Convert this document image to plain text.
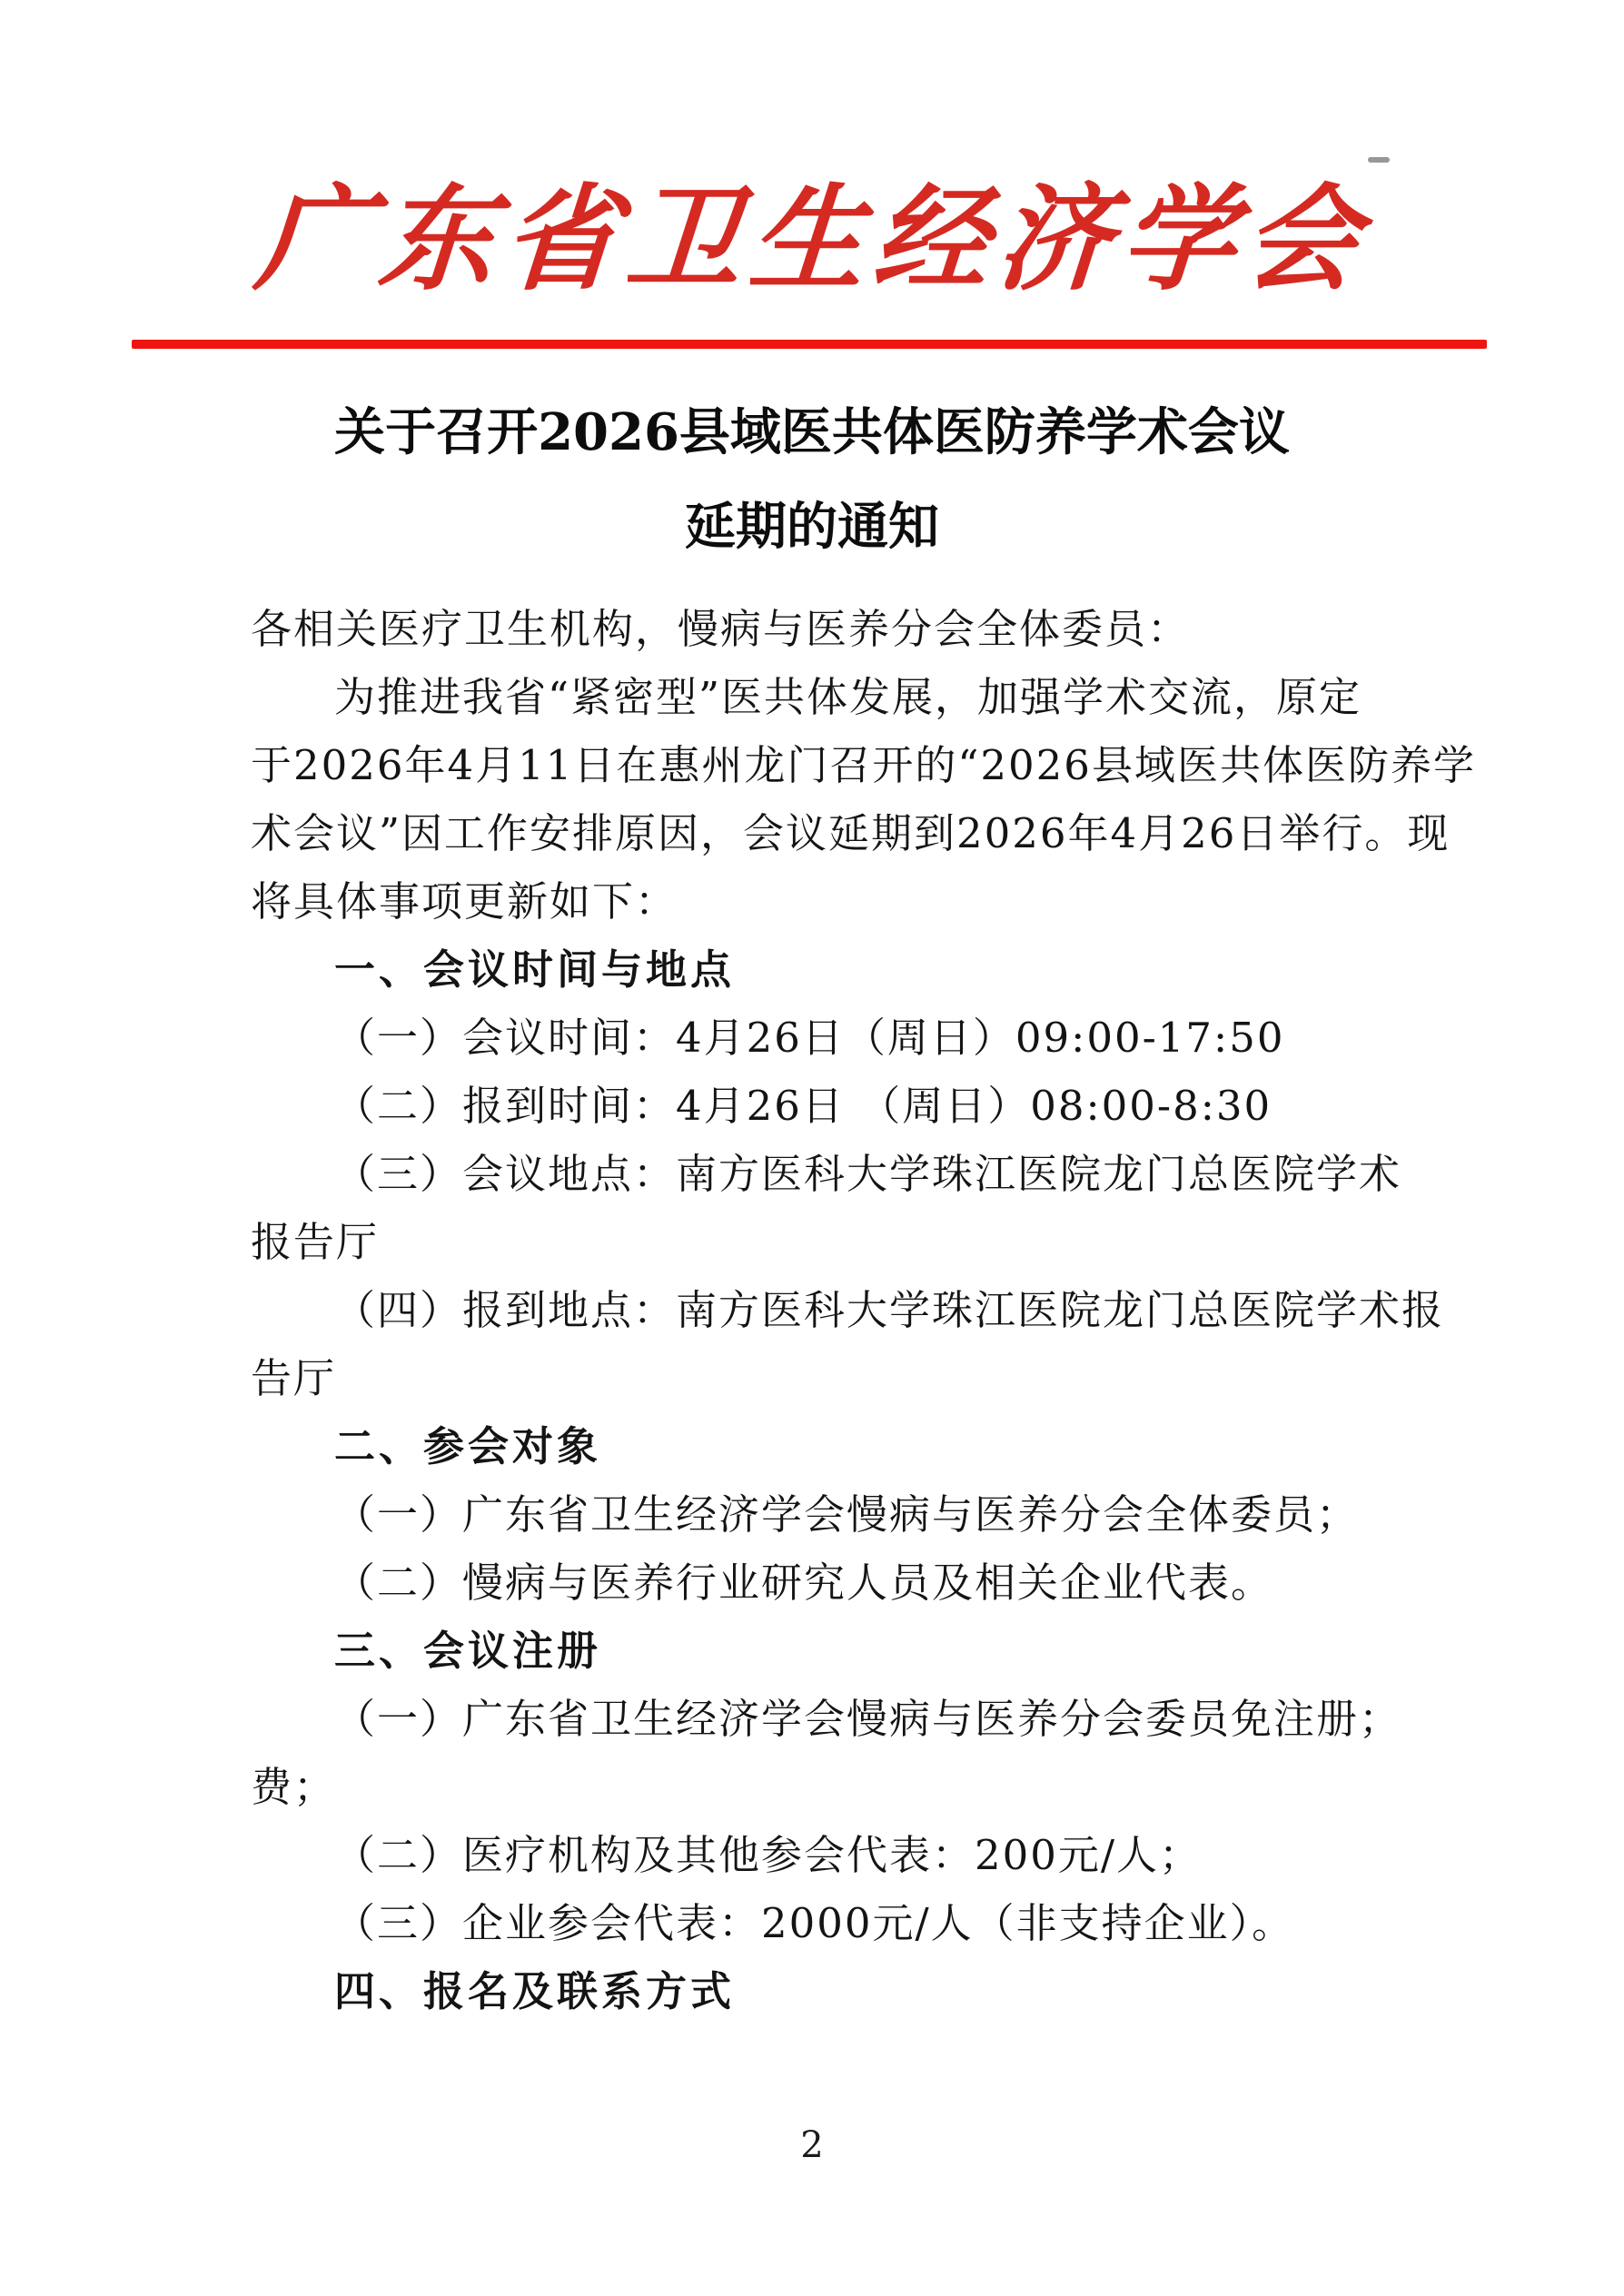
广东省卫生经济学会
关于召开2026县域医共体医防养学术会议
延期的通知
各相关医疗卫生机构，慢病与医养分会全体委员：
为推进我省“紧密型”医共体发展，加强学术交流，原定
于2026年4月11日在惠州龙门召开的“2026县域医共体医防养学
术会议”因工作安排原因，会议延期到2026年4月26日举行。现
将具体事项更新如下：
一、会议时间与地点
（一）会议时间：4月26日（周日）09:00-17:50
（二）报到时间：4月26日 （周日）08:00-8:30
（三）会议地点：南方医科大学珠江医院龙门总医院学术
报告厅
（四）报到地点：南方医科大学珠江医院龙门总医院学术报
告厅
二、参会对象
（一）广东省卫生经济学会慢病与医养分会全体委员；
（二）慢病与医养行业研究人员及相关企业代表。
三、会议注册
（一）广东省卫生经济学会慢病与医养分会委员免注册；
费；
（二）医疗机构及其他参会代表：200元/人；
（三）企业参会代表：2000元/人（非支持企业）。
四、报名及联系方式
2
